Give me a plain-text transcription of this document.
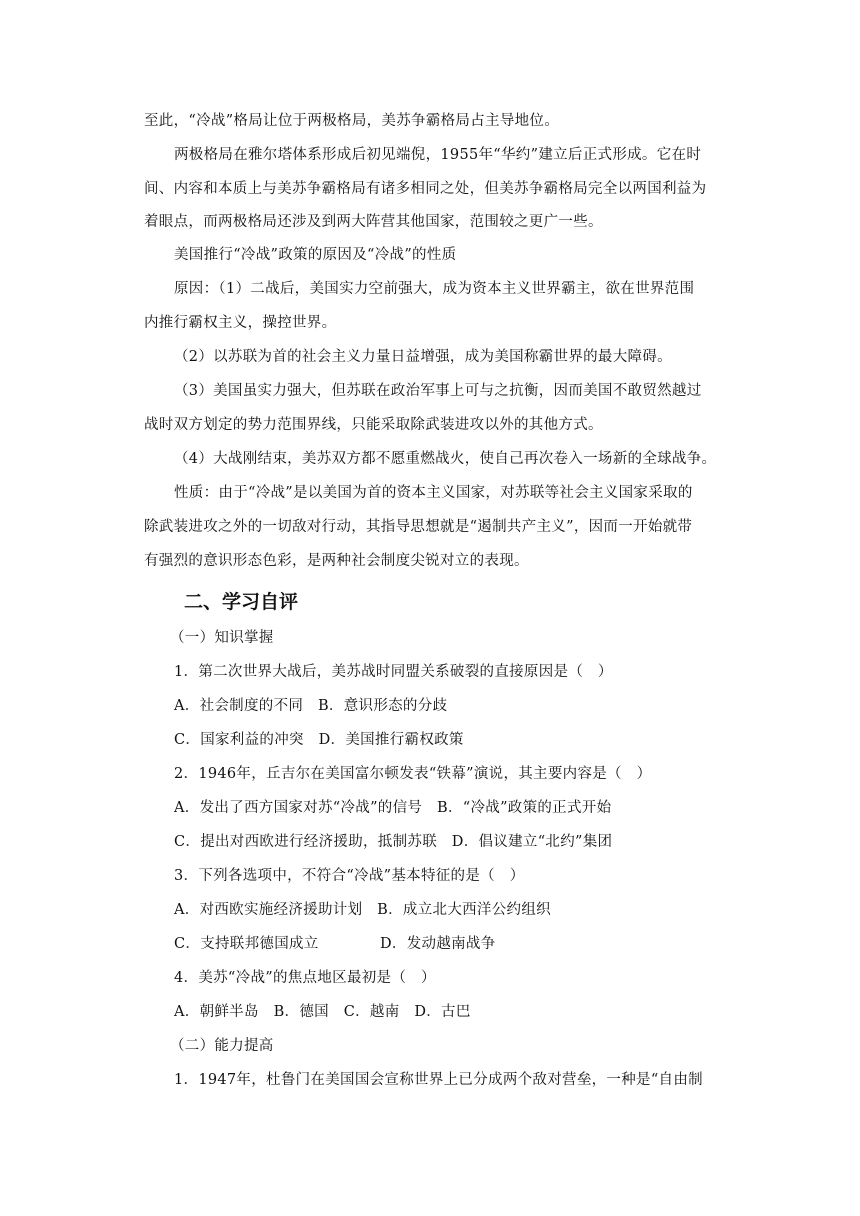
至此，“冷战”格局让位于两极格局，美苏争霸格局占主导地位。
两极格局在雅尔塔体系形成后初见端倪，1955年“华约”建立后正式形成。它在时
间、内容和本质上与美苏争霸格局有诸多相同之处，但美苏争霸格局完全以两国利益为
着眼点，而两极格局还涉及到两大阵营其他国家，范围较之更广一些。
美国推行“冷战”政策的原因及“冷战”的性质
原因：（1）二战后，美国实力空前强大，成为资本主义世界霸主，欲在世界范围
内推行霸权主义，操控世界。
（2）以苏联为首的社会主义力量日益增强，成为美国称霸世界的最大障碍。
（3）美国虽实力强大，但苏联在政治军事上可与之抗衡，因而美国不敢贸然越过
战时双方划定的势力范围界线，只能采取除武装进攻以外的其他方式。
（4）大战刚结束，美苏双方都不愿重燃战火，使自己再次卷入一场新的全球战争。
性质：由于“冷战”是以美国为首的资本主义国家，对苏联等社会主义国家采取的
除武装进攻之外的一切敌对行动，其指导思想就是“遏制共产主义”，因而一开始就带
有强烈的意识形态色彩，是两种社会制度尖锐对立的表现。
二、学习自评
（一）知识掌握
1．第二次世界大战后，美苏战时同盟关系破裂的直接原因是（　）
A．社会制度的不同　B．意识形态的分歧
C．国家利益的冲突　D．美国推行霸权政策
2．1946年，丘吉尔在美国富尔顿发表“铁幕”演说，其主要内容是（　）
A．发出了西方国家对苏“冷战”的信号　B．“冷战”政策的正式开始
C．提出对西欧进行经济援助，抵制苏联　D．倡议建立“北约”集团
3．下列各选项中，不符合“冷战”基本特征的是（　）
A．对西欧实施经济援助计划　B．成立北大西洋公约组织
C．支持联邦德国成立	D．发动越南战争
4．美苏“冷战”的焦点地区最初是（　）
A．朝鲜半岛　B．德国　C．越南　D．古巴
（二）能力提高
1．1947年，杜鲁门在美国国会宣称世界上已分成两个敌对营垒，一种是“自由制
